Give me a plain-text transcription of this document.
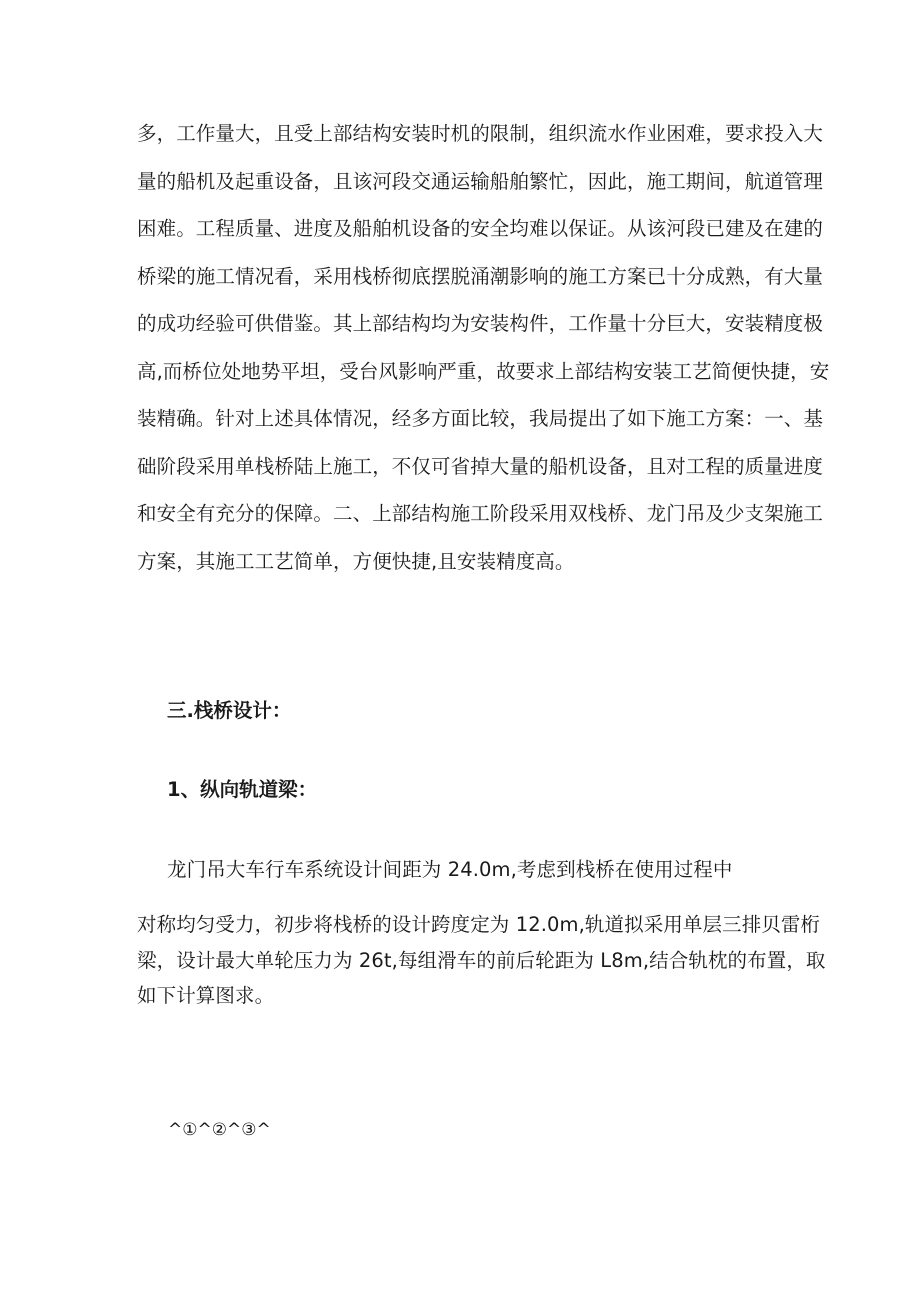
多，工作量大，且受上部结构安装时机的限制，组织流水作业困难，要求投入大
量的船机及起重设备，且该河段交通运输船舶繁忙，因此，施工期间，航道管理
困难。工程质量、进度及船舶机设备的安全均难以保证。从该河段已建及在建的
桥梁的施工情况看，采用栈桥彻底摆脱涌潮影响的施工方案已十分成熟，有大量
的成功经验可供借鉴。其上部结构均为安装构件，工作量十分巨大，安装精度极
高,而桥位处地势平坦，受台风影响严重，故要求上部结构安装工艺简便快捷，安
装精确。针对上述具体情况，经多方面比较，我局提出了如下施工方案：一、基
础阶段采用单栈桥陆上施工，不仅可省掉大量的船机设备，且对工程的质量进度
和安全有充分的保障。二、上部结构施工阶段采用双栈桥、龙门吊及少支架施工
方案，其施工工艺简单，方便快捷,且安装精度高。
三.栈桥设计：
1、纵向轨道梁：
龙门吊大车行车系统设计间距为 24.0m,考虑到栈桥在使用过程中
对称均匀受力，初步将栈桥的设计跨度定为 12.0m,轨道拟采用单层三排贝雷桁
梁，设计最大单轮压力为 26t,每组滑车的前后轮距为 L8m,结合轨枕的布置，取
如下计算图求。
^①^②^③^
